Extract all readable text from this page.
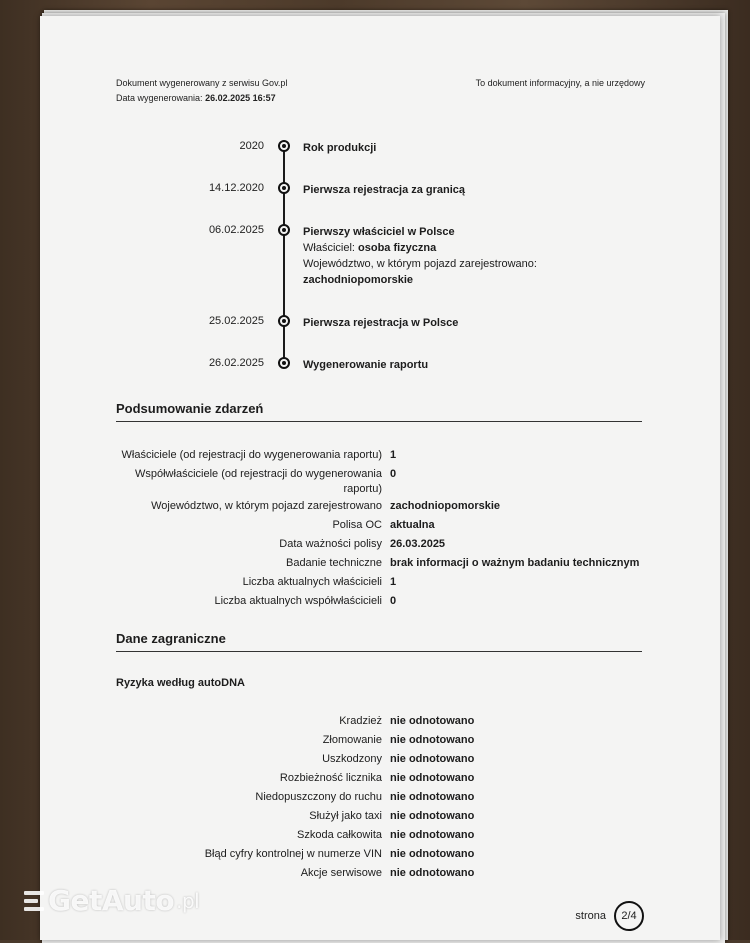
Dokument wygenerowany z serwisu Gov.pl
Data wygenerowania: 26.02.2025 16:57
To dokument informacyjny, a nie urzędowy
2020	Rok produkcji
14.12.2020	Pierwsza rejestracja za granicą
06.02.2025	Pierwszy właściciel w Polsce
Właściciel: osoba fizyczna
Województwo, w którym pojazd zarejestrowano:
zachodniopomorskie
25.02.2025	Pierwsza rejestracja w Polsce
26.02.2025	Wygenerowanie raportu
Podsumowanie zdarzeń
Właściciele (od rejestracji do wygenerowania raportu) 1
Współwłaściciele (od rejestracji do wygenerowania raportu)
0
Województwo, w którym pojazd zarejestrowano zachodniopomorskie
Polisa OC aktualna
Data ważności polisy 26.03.2025
Badanie techniczne brak informacji o ważnym badaniu technicznym
Liczba aktualnych właścicieli 1
Liczba aktualnych współwłaścicieli 0
Dane zagraniczne
Ryzyka według autoDNA
Kradzież nie odnotowano
Złomowanie nie odnotowano
Uszkodzony nie odnotowano
Rozbieżność licznika nie odnotowano
Niedopuszczony do ruchu nie odnotowano
Służył jako taxi nie odnotowano
Szkoda całkowita nie odnotowano
Błąd cyfry kontrolnej w numerze VIN nie odnotowano
Akcje serwisowe nie odnotowano
strona	2/4
GetAuto .pl
